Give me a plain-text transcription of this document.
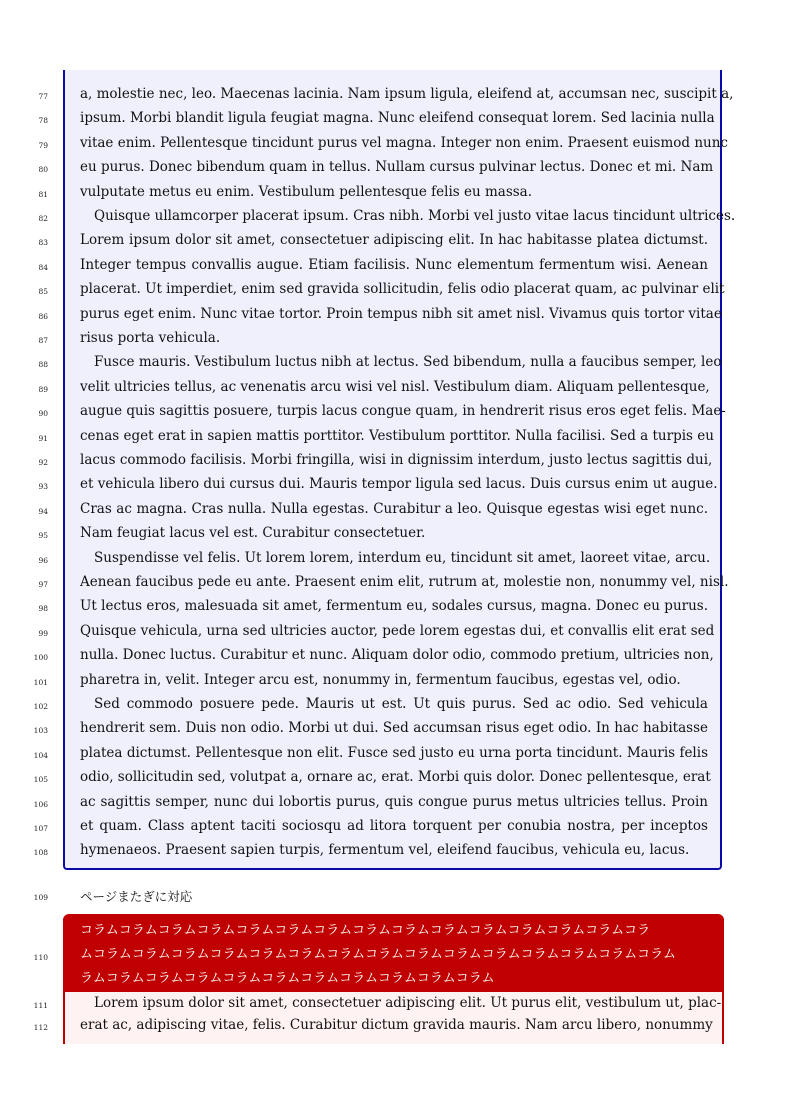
77 a, molestie nec, leo. Maecenas lacinia. Nam ipsum ligula, eleifend at, accumsan nec, suscipit a,
78 ipsum. Morbi blandit ligula feugiat magna. Nunc eleifend consequat lorem. Sed lacinia nulla
79 vitae enim. Pellentesque tincidunt purus vel magna. Integer non enim. Praesent euismod nunc
80 eu purus. Donec bibendum quam in tellus. Nullam cursus pulvinar lectus. Donec et mi. Nam
81 vulputate metus eu enim. Vestibulum pellentesque felis eu massa.
82	Quisque ullamcorper placerat ipsum. Cras nibh. Morbi vel justo vitae lacus tincidunt ultrices.
83 Lorem ipsum dolor sit amet, consectetuer adipiscing elit. In hac habitasse platea dictumst.
84 Integer tempus convallis augue. Etiam facilisis. Nunc elementum fermentum wisi. Aenean
85 placerat. Ut imperdiet, enim sed gravida sollicitudin, felis odio placerat quam, ac pulvinar elit
86 purus eget enim. Nunc vitae tortor. Proin tempus nibh sit amet nisl. Vivamus quis tortor vitae
87 risus porta vehicula.
88	Fusce mauris. Vestibulum luctus nibh at lectus. Sed bibendum, nulla a faucibus semper, leo
89 velit ultricies tellus, ac venenatis arcu wisi vel nisl. Vestibulum diam. Aliquam pellentesque,
90 augue quis sagittis posuere, turpis lacus congue quam, in hendrerit risus eros eget felis. Mae-
91 cenas eget erat in sapien mattis porttitor. Vestibulum porttitor. Nulla facilisi. Sed a turpis eu
92 lacus commodo facilisis. Morbi fringilla, wisi in dignissim interdum, justo lectus sagittis dui,
93 et vehicula libero dui cursus dui. Mauris tempor ligula sed lacus. Duis cursus enim ut augue.
94 Cras ac magna. Cras nulla. Nulla egestas. Curabitur a leo. Quisque egestas wisi eget nunc.
95 Nam feugiat lacus vel est. Curabitur consectetuer.
96	Suspendisse vel felis. Ut lorem lorem, interdum eu, tincidunt sit amet, laoreet vitae, arcu.
97 Aenean faucibus pede eu ante. Praesent enim elit, rutrum at, molestie non, nonummy vel, nisl.
98 Ut lectus eros, malesuada sit amet, fermentum eu, sodales cursus, magna. Donec eu purus.
99 Quisque vehicula, urna sed ultricies auctor, pede lorem egestas dui, et convallis elit erat sed
100 nulla. Donec luctus. Curabitur et nunc. Aliquam dolor odio, commodo pretium, ultricies non,
101 pharetra in, velit. Integer arcu est, nonummy in, fermentum faucibus, egestas vel, odio.
102	Sed commodo posuere pede. Mauris ut est. Ut quis purus. Sed ac odio. Sed vehicula
103 hendrerit sem. Duis non odio. Morbi ut dui. Sed accumsan risus eget odio. In hac habitasse
104 platea dictumst. Pellentesque non elit. Fusce sed justo eu urna porta tincidunt. Mauris felis
105 odio, sollicitudin sed, volutpat a, ornare ac, erat. Morbi quis dolor. Donec pellentesque, erat
106 ac sagittis semper, nunc dui lobortis purus, quis congue purus metus ultricies tellus. Proin
107 et quam. Class aptent taciti sociosqu ad litora torquent per conubia nostra, per inceptos
108 hymenaeos. Praesent sapien turpis, fermentum vel, eleifend faucibus, vehicula eu, lacus.
109	ページまたぎに対応
110
コラムコラムコラムコラムコラムコラムコラムコラムコラムコラムコラムコラムコラムコラムコラ
ムコラムコラムコラムコラムコラムコラムコラムコラムコラムコラムコラムコラムコラムコラムコラム
ラムコラムコラムコラムコラムコラムコラムコラムコラムコラムコラム
111	Lorem ipsum dolor sit amet, consectetuer adipiscing elit. Ut purus elit, vestibulum ut, plac-
112 erat ac, adipiscing vitae, felis. Curabitur dictum gravida mauris. Nam arcu libero, nonummy
